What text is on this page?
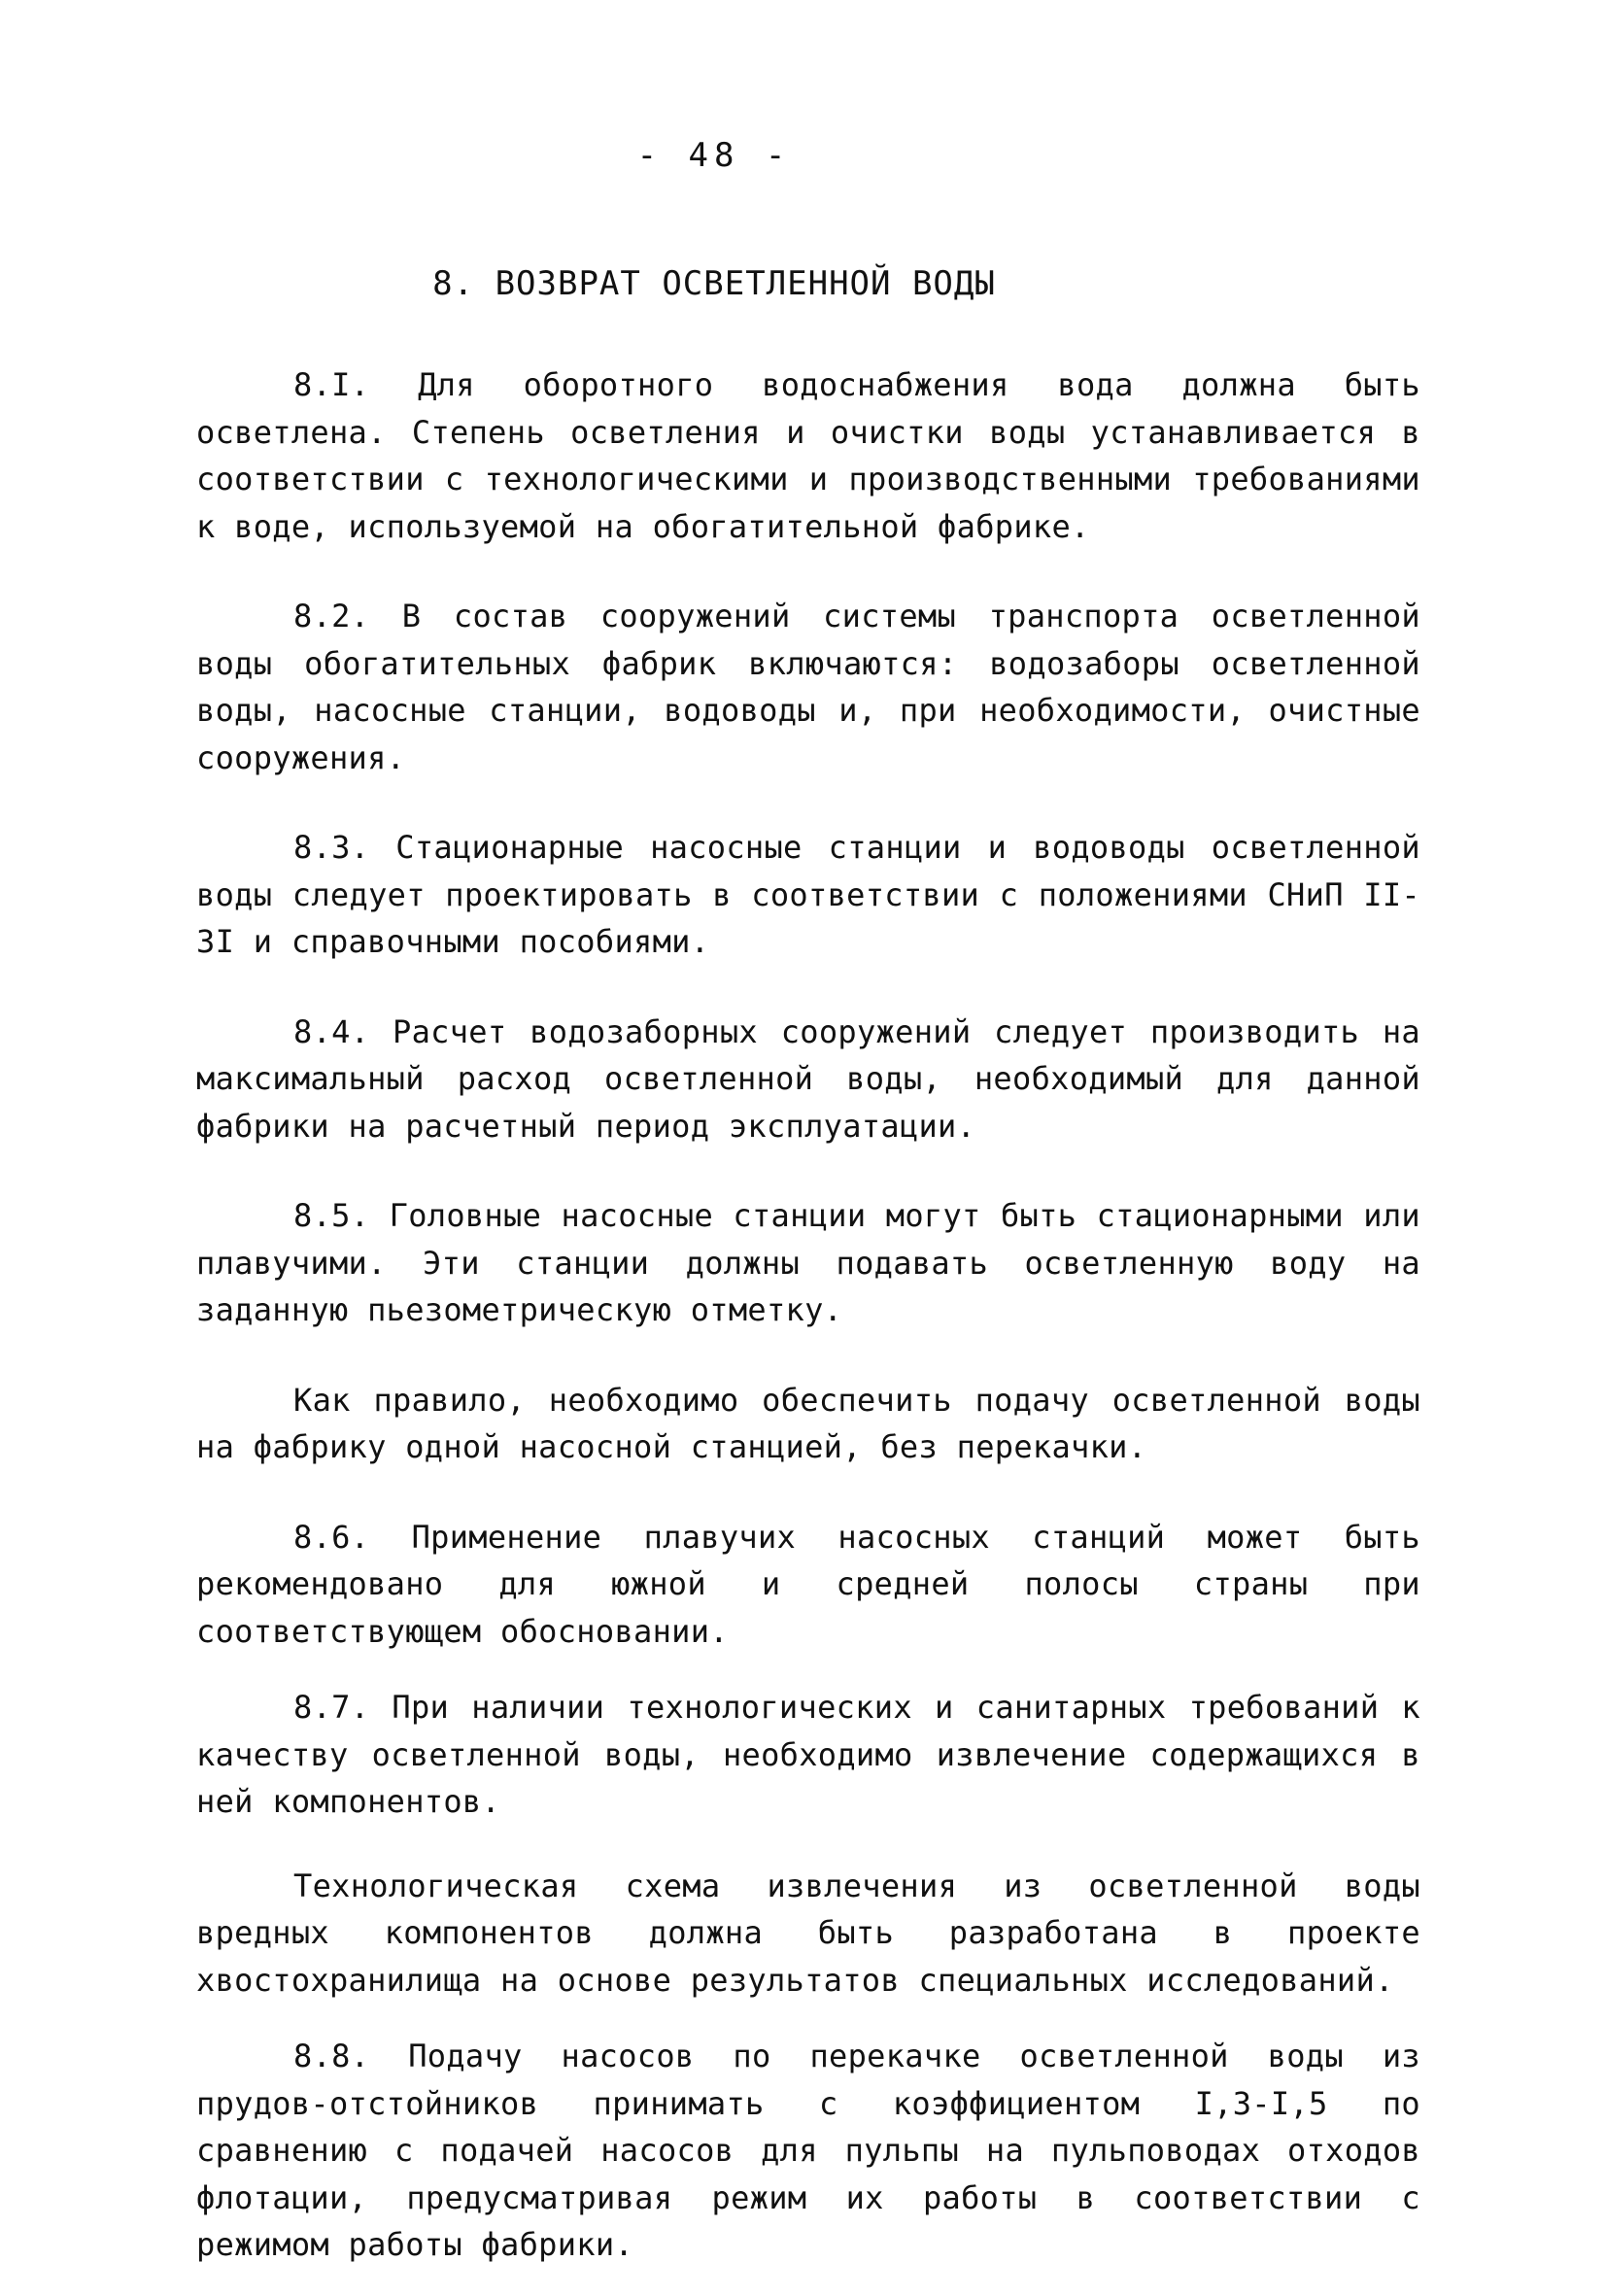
- 48 -
8. ВОЗВРАТ ОСВЕТЛЕННОЙ ВОДЫ

8.I. Для оборотного водоснабжения вода должна быть осветлена. Степень осветления и очистки воды устанавливается в соответствии с технологическими и производственными требованиями к воде, используемой на обогатительной фабрике.

8.2. В состав сооружений системы транспорта осветленной воды обогатительных фабрик включаются: водозаборы осветленной воды, насосные станции, водоводы и, при необходимости, очистные сооружения.

8.3. Стационарные насосные станции и водоводы осветленной воды следует проектировать в соответствии с положениями СНиП II-3I и справочными пособиями.

8.4. Расчет водозаборных сооружений следует производить на максимальный расход осветленной воды, необходимый для данной фабрики на расчетный период эксплуатации.

8.5. Головные насосные станции могут быть стационарными или плавучими. Эти станции должны подавать осветленную воду на заданную пьезометрическую отметку.

Как правило, необходимо обеспечить подачу осветленной воды на фабрику одной насосной станцией, без перекачки.

8.6. Применение плавучих насосных станций может быть рекомендовано для южной и средней полосы страны при соответствующем обосновании.

8.7. При наличии технологических и санитарных требований к качеству осветленной воды, необходимо извлечение содержащихся в ней компонентов.

Технологическая схема извлечения из осветленной воды вредных компонентов должна быть разработана в проекте хвостохранилища на основе результатов специальных исследований.

8.8. Подачу насосов по перекачке осветленной воды из прудов-отстойников принимать с коэффициентом I,3-I,5 по сравнению с подачей насосов для пульпы на пульповодах отходов флотации, предусматривая режим их работы в соответствии с режимом работы фабрики.
